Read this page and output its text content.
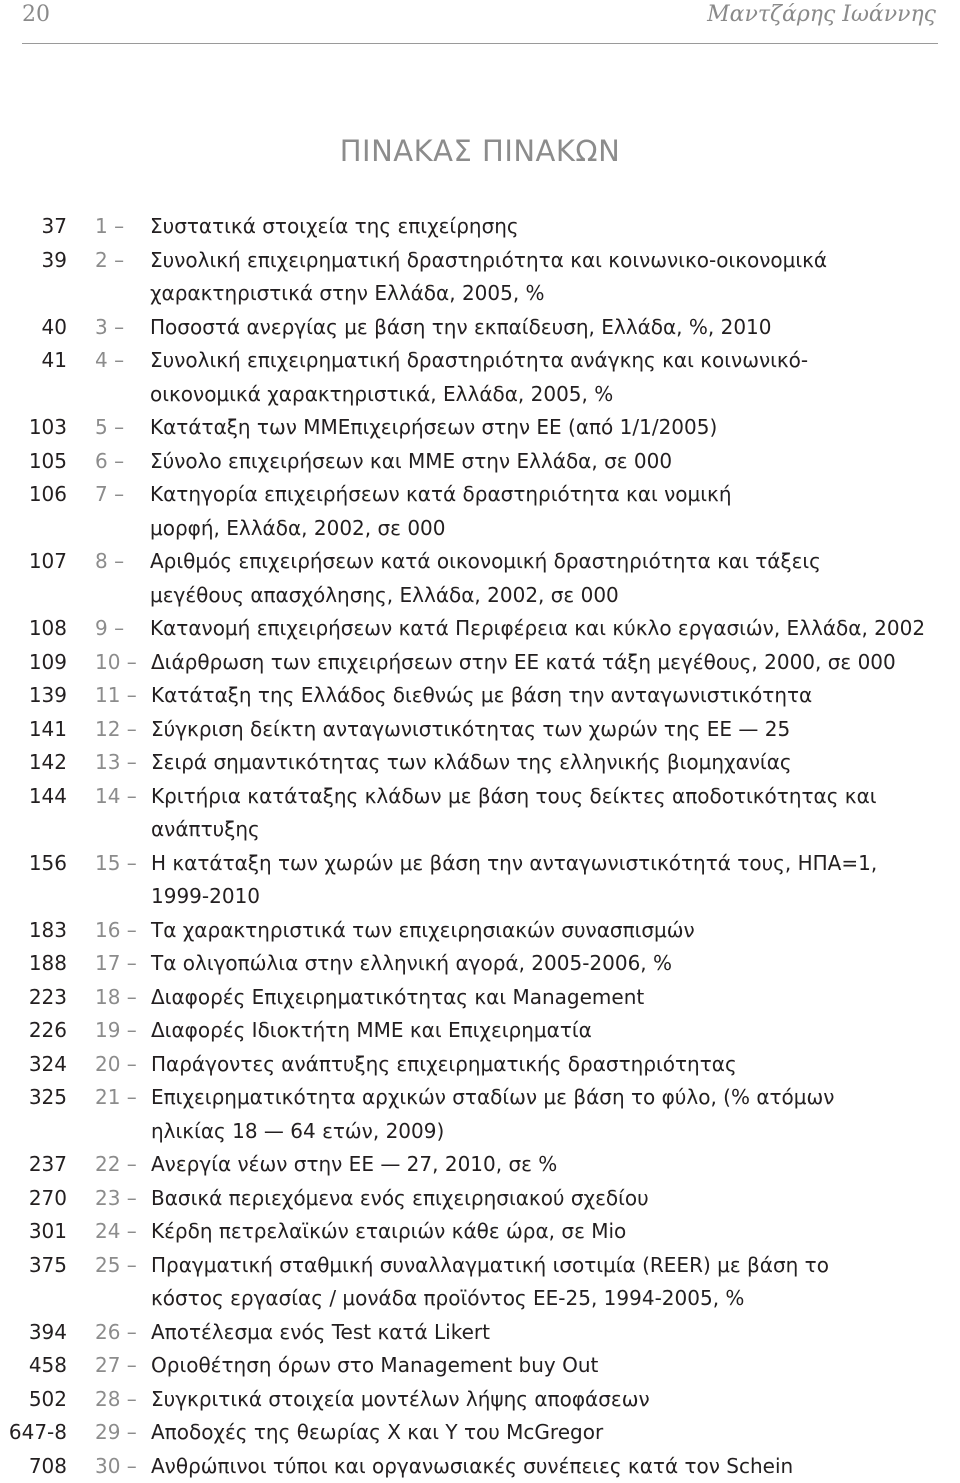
20	Μαντζάρης Ιωάννης
ΠΙΝΑΚΑΣ ΠΙΝΑΚΩΝ
37 1 –	Συστατικά στοιχεία της επιχείρησης
39 2 –	Συνολική επιχειρηματική δραστηριότητα και κοινωνικο-οικονομικά
χαρακτηριστικά στην Ελλάδα, 2005, %
40 3 –	Ποσοστά ανεργίας με βάση την εκπαίδευση, Ελλάδα, %, 2010
41 4 –	Συνολική επιχειρηματική δραστηριότητα ανάγκης και κοινωνικό-
οικονομικά χαρακτηριστικά, Ελλάδα, 2005, %
103 5 –	Κατάταξη των ΜΜΕπιχειρήσεων στην ΕΕ (από 1/1/2005)
105 6 –	Σύνολο επιχειρήσεων και ΜΜΕ στην Ελλάδα, σε 000
106 7 –	Κατηγορία επιχειρήσεων κατά δραστηριότητα και νομική
μορφή, Ελλάδα, 2002, σε 000
107 8 –	Αριθμός επιχειρήσεων κατά οικονομική δραστηριότητα και τάξεις
μεγέθους απασχόλησης, Ελλάδα, 2002, σε 000
108 9 –	Κατανομή επιχειρήσεων κατά Περιφέρεια και κύκλο εργασιών, Ελλάδα, 2002
109 10 – Διάρθρωση των επιχειρήσεων στην ΕΕ κατά τάξη μεγέθους, 2000, σε 000
139 11 – Κατάταξη της Ελλάδος διεθνώς με βάση την ανταγωνιστικότητα
141 12 – Σύγκριση δείκτη ανταγωνιστικότητας των χωρών της ΕΕ — 25
142 13 – Σειρά σημαντικότητας των κλάδων της ελληνικής βιομηχανίας
144 14 – Κριτήρια κατάταξης κλάδων με βάση τους δείκτες αποδοτικότητας και
ανάπτυξης
156 15 – Η κατάταξη των χωρών με βάση την ανταγωνιστικότητά τους, ΗΠΑ=1,
1999-2010
183 16 – Τα χαρακτηριστικά των επιχειρησιακών συνασπισμών
188 17 – Τα ολιγοπώλια στην ελληνική αγορά, 2005-2006, %
223 18 – Διαφορές Επιχειρηματικότητας και Management
226 19 – Διαφορές Ιδιοκτήτη ΜΜΕ και Επιχειρηματία
324 20 – Παράγοντες ανάπτυξης επιχειρηματικής δραστηριότητας
325 21 – Επιχειρηματικότητα αρχικών σταδίων με βάση το φύλο, (% ατόμων
ηλικίας 18 — 64 ετών, 2009)
237 22 – Ανεργία νέων στην ΕΕ — 27, 2010, σε %
270 23 – Βασικά περιεχόμενα ενός επιχειρησιακού σχεδίου
301 24 – Κέρδη πετρελαϊκών εταιριών κάθε ώρα, σε Mio
375 25 – Πραγματική σταθμική συναλλαγματική ισοτιμία (REER) με βάση το
κόστος εργασίας / μονάδα προϊόντος ΕΕ-25, 1994-2005, %
394 26 – Αποτέλεσμα ενός Test κατά Likert
458 27 – Οριοθέτηση όρων στο Management buy Out
502 28 – Συγκριτικά στοιχεία μοντέλων λήψης αποφάσεων
647-8 29 – Αποδοχές της θεωρίας Χ και Υ του McGregor
708 30 – Ανθρώπινοι τύποι και οργανωσιακές συνέπειες κατά τον Schein
